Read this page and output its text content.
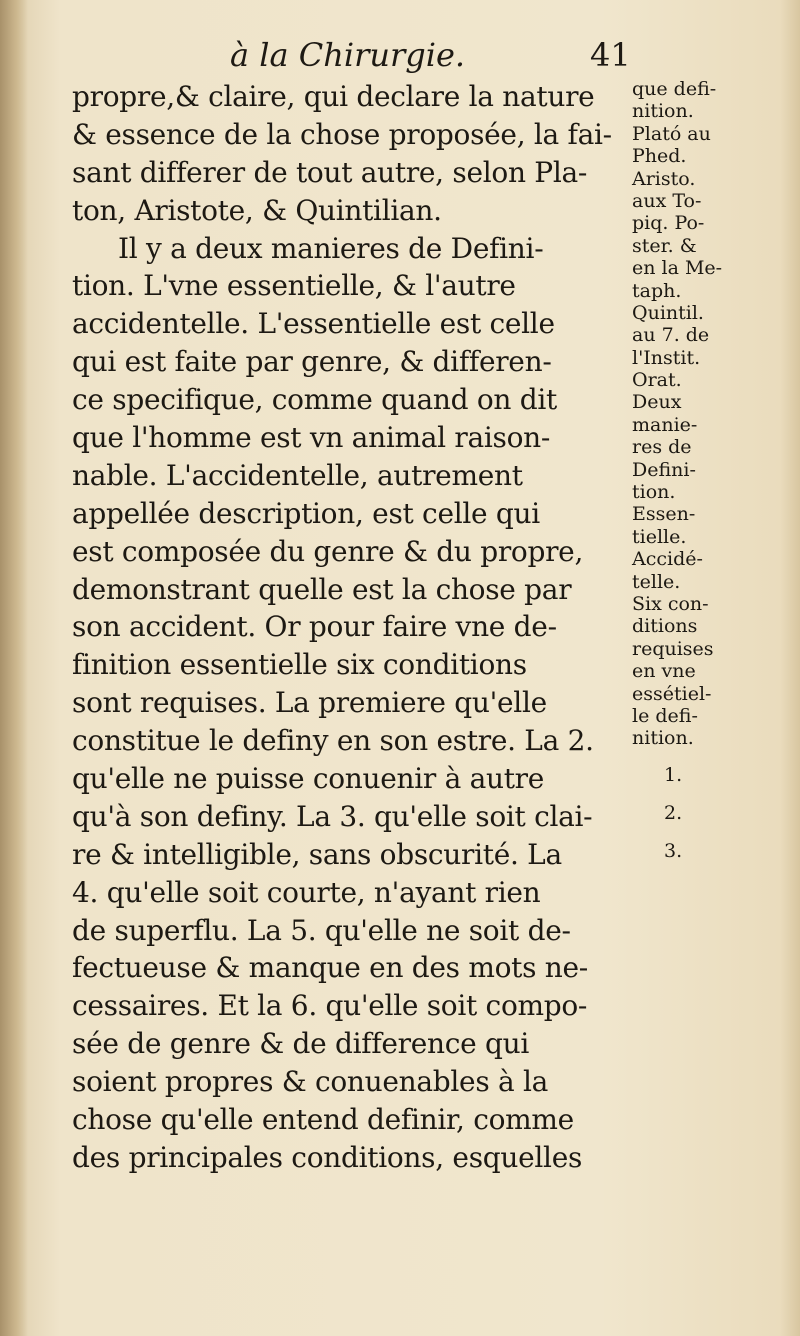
à la Chirurgie.	41
propre,& claire, qui declare la nature
& essence de la chose proposée, la fai-
sant differer de tout autre, selon Pla-
ton, Aristote, & Quintilian.
Il y a deux manieres de Defini-
tion. L'vne essentielle, & l'autre
accidentelle. L'essentielle est celle
qui est faite par genre, & differen-
ce specifique, comme quand on dit
que l'homme est vn animal raison-
nable. L'accidentelle, autrement
appellée description, est celle qui
est composée du genre & du propre,
demonstrant quelle est la chose par
son accident. Or pour faire vne de-
finition essentielle six conditions
sont requises. La premiere qu'elle
constitue le definy en son estre. La 2.
qu'elle ne puisse conuenir à autre
qu'à son definy. La 3. qu'elle soit clai-
re & intelligible, sans obscurité. La
4. qu'elle soit courte, n'ayant rien
de superflu. La 5. qu'elle ne soit de-
fectueuse & manque en des mots ne-
cessaires. Et la 6. qu'elle soit compo-
sée de genre & de difference qui
soient propres & conuenables à la
chose qu'elle entend definir, comme
des principales conditions, esquelles
que defi-
nition.
Plató au
Phed.
Aristo.
aux To-
piq. Po-
ster. &
en la Me-
taph.
Quintil.
au 7. de
l'Instit.
Orat.
Deux
manie-
res de
Defini-
tion.
Essen-
tielle.
Accidé-
telle.
Six con-
ditions
requises
en vne
essétiel-
le defi-
nition.
1.
2.
3.
